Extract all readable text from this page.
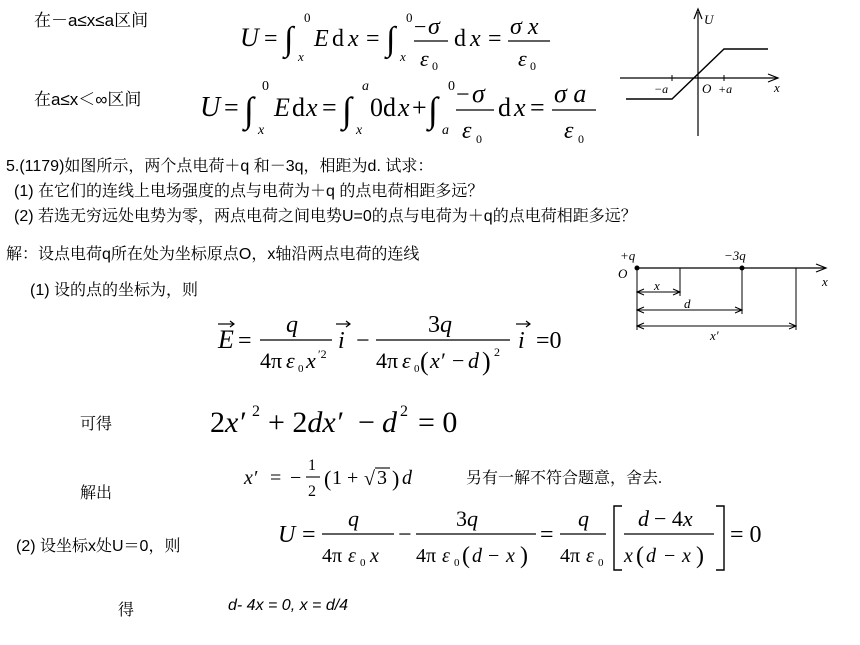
在－a≤x≤a区间
在a≤x＜∞区间
5.(1179)如图所示，两个点电荷＋q 和－3q，相距为d. 试求：
(1) 在它们的连线上电场强度的点与电荷为＋q 的点电荷相距多远？
(2) 若选无穷远处电势为零，两点电荷之间电势U=0的点与电荷为＋q的点电荷相距多远？
解：设点电荷q所在处为坐标原点O，x轴沿两点电荷的连线
(1) 设的点的坐标为，则
可得
解出
另有一解不符合题意，舍去.
(2) 设坐标x处U＝0，则
得	d- 4x = 0, x = d/4
U = ∫
0
x
E d x = ∫
0
x
− σ
ε 0
d x = σ x
ε 0
U = ∫
0
x
E d x = ∫
a
x
0d x + ∫
0
a
− σ
ε 0
d x = σ a
ε 0
U
x
O
−a	+a
+q	−3q
O
x
x
d
x′
E =
q
4π ε 0 x ′2 i −
3q
4π ε 0 ( x′ − d ) 2 i =0
2x′ 2 + 2dx′ − d 2 = 0
x′ = −
1
2
( 1 + √ 3 ) d
U =
q
4π ε 0 x
−
3q
4π ε 0 ( d − x )
=
q
4π ε 0
d − 4x
x ( d − x )
= 0
